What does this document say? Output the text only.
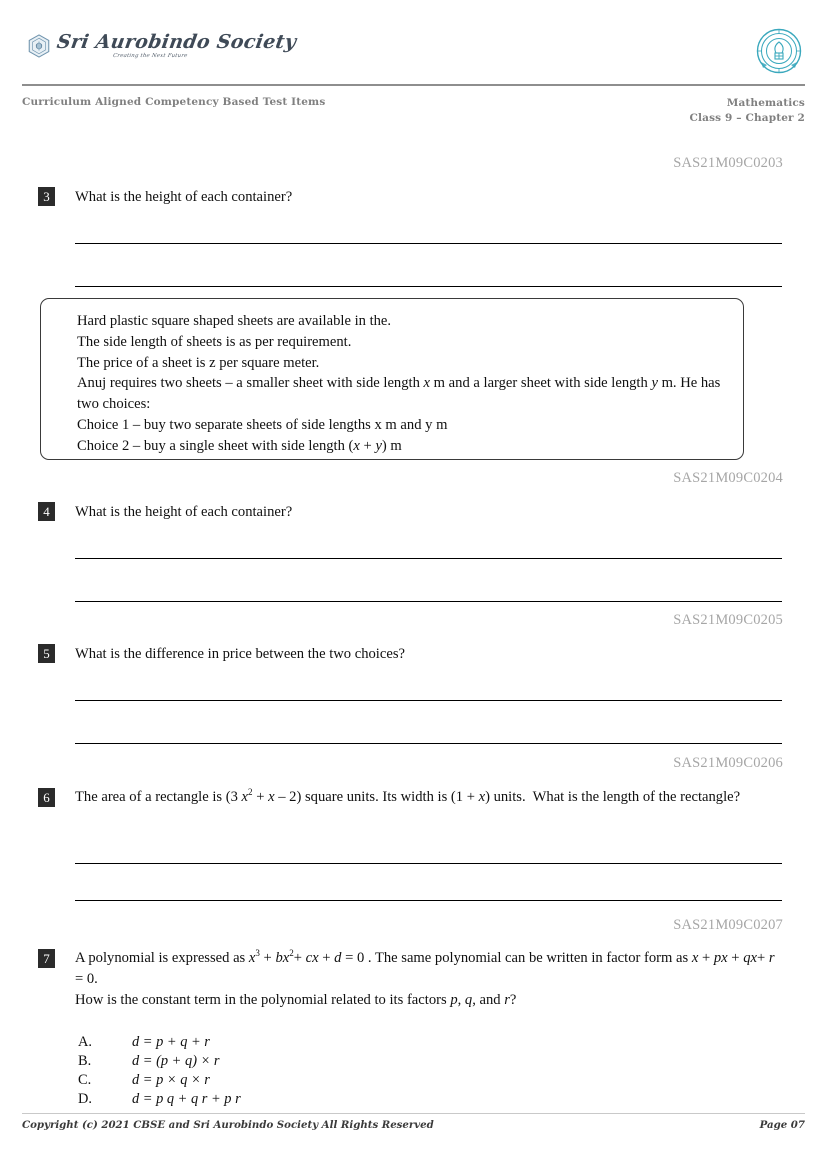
Sri Aurobindo Society
Creating the Next Future
Curriculum Aligned Competency Based Test Items	Mathematics
Class 9 – Chapter 2
SAS21M09C0203
3	What is the height of each container?
Hard plastic square shaped sheets are available in the.
The side length of sheets is as per requirement.
The price of a sheet is z per square meter.
Anuj requires two sheets – a smaller sheet with side length x m and a larger sheet with side length y m. He has two choices:
Choice 1 – buy two separate sheets of side lengths x m and y m
Choice 2 – buy a single sheet with side length (x + y) m
SAS21M09C0204
4	What is the height of each container?
SAS21M09C0205
5	What is the difference in price between the two choices?
SAS21M09C0206
6	The area of a rectangle is (3 $x^2 + x - 2$) square units. Its width is (1 + x) units.  What is the length of the rectangle?
SAS21M09C0207
7	A polynomial is expressed as $x^3 + bx^2+$ cx + d = 0 . The same polynomial can be written in factor form as x + px + qx+ r = 0.
How is the constant term in the polynomial related to its factors p, q, and r?
A.	d = p + q + r
B.	d = (p + q) × r
C.	d = p × q × r
D.	d = p q + q r + p r
Copyright (c) 2021 CBSE and Sri Aurobindo Society All Rights Reserved	Page 07
